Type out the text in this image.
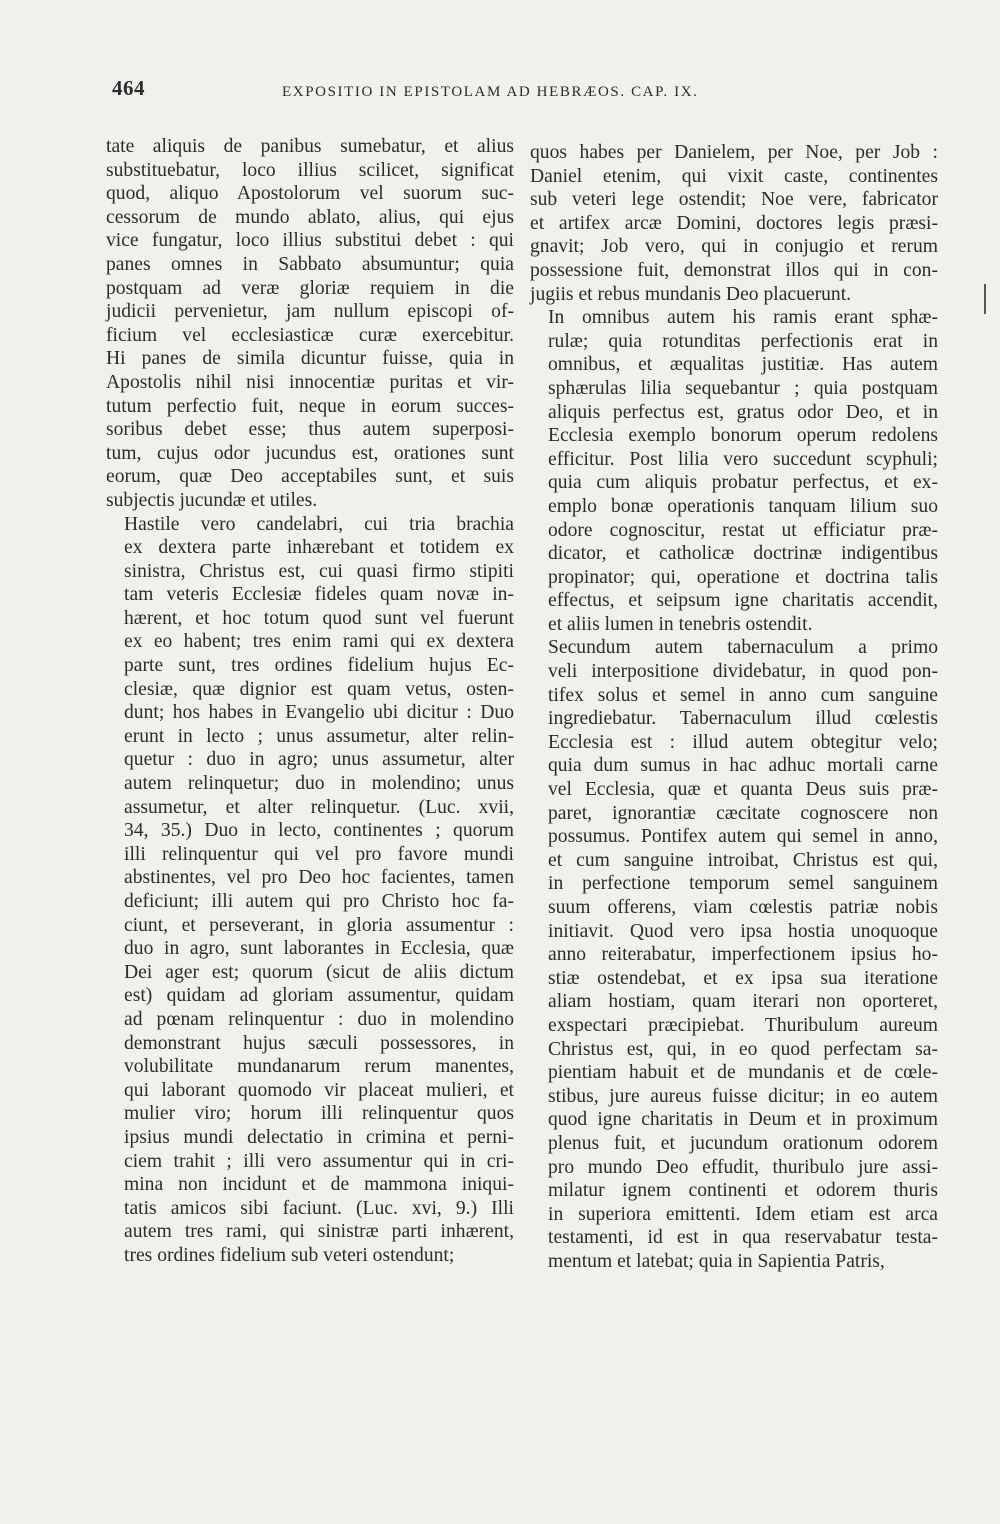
464	EXPOSITIO IN EPISTOLAM AD HEBRÆOS. CAP. IX.

tate aliquis de panibus sumebatur, et alius
substituebatur, loco illius scilicet, significat
quod, aliquo Apostolorum vel suorum suc-
cessorum de mundo ablato, alius, qui ejus
vice fungatur, loco illius substitui debet : qui
panes omnes in Sabbato absumuntur; quia
postquam ad veræ gloriæ requiem in die
judicii pervenietur, jam nullum episcopi of-
ficium vel ecclesiasticæ curæ exercebitur.
Hi panes de simila dicuntur fuisse, quia in
Apostolis nihil nisi innocentiæ puritas et vir-
tutum perfectio fuit, neque in eorum succes-
soribus debet esse; thus autem superposi-
tum, cujus odor jucundus est, orationes sunt
eorum, quæ Deo acceptabiles sunt, et suis
subjectis jucundæ et utiles.

Hastile vero candelabri, cui tria brachia
ex dextera parte inhærebant et totidem ex
sinistra, Christus est, cui quasi firmo stipiti
tam veteris Ecclesiæ fideles quam novæ in-
hærent, et hoc totum quod sunt vel fuerunt
ex eo habent; tres enim rami qui ex dextera
parte sunt, tres ordines fidelium hujus Ec-
clesiæ, quæ dignior est quam vetus, osten-
dunt; hos habes in Evangelio ubi dicitur : Duo
erunt in lecto ; unus assumetur, alter relin-
quetur : duo in agro; unus assumetur, alter
autem relinquetur; duo in molendino; unus
assumetur, et alter relinquetur. (Luc. xvii,
34, 35.) Duo in lecto, continentes ; quorum
illi relinquentur qui vel pro favore mundi
abstinentes, vel pro Deo hoc facientes, tamen
deficiunt; illi autem qui pro Christo hoc fa-
ciunt, et perseverant, in gloria assumentur :
duo in agro, sunt laborantes in Ecclesia, quæ
Dei ager est; quorum (sicut de aliis dictum
est) quidam ad gloriam assumentur, quidam
ad pœnam relinquentur : duo in molendino
demonstrant hujus sæculi possessores, in
volubilitate mundanarum rerum manentes,
qui laborant quomodo vir placeat mulieri, et
mulier viro; horum illi relinquentur quos
ipsius mundi delectatio in crimina et perni-
ciem trahit ; illi vero assumentur qui in cri-
mina non incidunt et de mammona iniqui-
tatis amicos sibi faciunt. (Luc. xvi, 9.) Illi
autem tres rami, qui sinistræ parti inhærent,
tres ordines fidelium sub veteri ostendunt;

quos habes per Danielem, per Noe, per Job :
Daniel etenim, qui vixit caste, continentes
sub veteri lege ostendit; Noe vere, fabricator
et artifex arcæ Domini, doctores legis præsi-
gnavit; Job vero, qui in conjugio et rerum
possessione fuit, demonstrat illos qui in con-
jugiis et rebus mundanis Deo placuerunt.

In omnibus autem his ramis erant sphæ-
rulæ; quia rotunditas perfectionis erat in
omnibus, et æqualitas justitiæ. Has autem
sphærulas lilia sequebantur ; quia postquam
aliquis perfectus est, gratus odor Deo, et in
Ecclesia exemplo bonorum operum redolens
efficitur. Post lilia vero succedunt scyphuli;
quia cum aliquis probatur perfectus, et ex-
emplo bonæ operationis tanquam lilium suo
odore cognoscitur, restat ut efficiatur præ-
dicator, et catholicæ doctrinæ indigentibus
propinator; qui, operatione et doctrina talis
effectus, et seipsum igne charitatis accendit,
et aliis lumen in tenebris ostendit.

Secundum autem tabernaculum a primo
veli interpositione dividebatur, in quod pon-
tifex solus et semel in anno cum sanguine
ingrediebatur. Tabernaculum illud cœlestis
Ecclesia est : illud autem obtegitur velo;
quia dum sumus in hac adhuc mortali carne
vel Ecclesia, quæ et quanta Deus suis præ-
paret, ignorantiæ cæcitate cognoscere non
possumus. Pontifex autem qui semel in anno,
et cum sanguine introibat, Christus est qui,
in perfectione temporum semel sanguinem
suum offerens, viam cœlestis patriæ nobis
initiavit. Quod vero ipsa hostia unoquoque
anno reiterabatur, imperfectionem ipsius ho-
stiæ ostendebat, et ex ipsa sua iteratione
aliam hostiam, quam iterari non oporteret,
exspectari præcipiebat. Thuribulum aureum
Christus est, qui, in eo quod perfectam sa-
pientiam habuit et de mundanis et de cœle-
stibus, jure aureus fuisse dicitur; in eo autem
quod igne charitatis in Deum et in proximum
plenus fuit, et jucundum orationum odorem
pro mundo Deo effudit, thuribulo jure assi-
milatur ignem continenti et odorem thuris
in superiora emittenti. Idem etiam est arca
testamenti, id est in qua reservabatur testa-
mentum et latebat; quia in Sapientia Patris,
